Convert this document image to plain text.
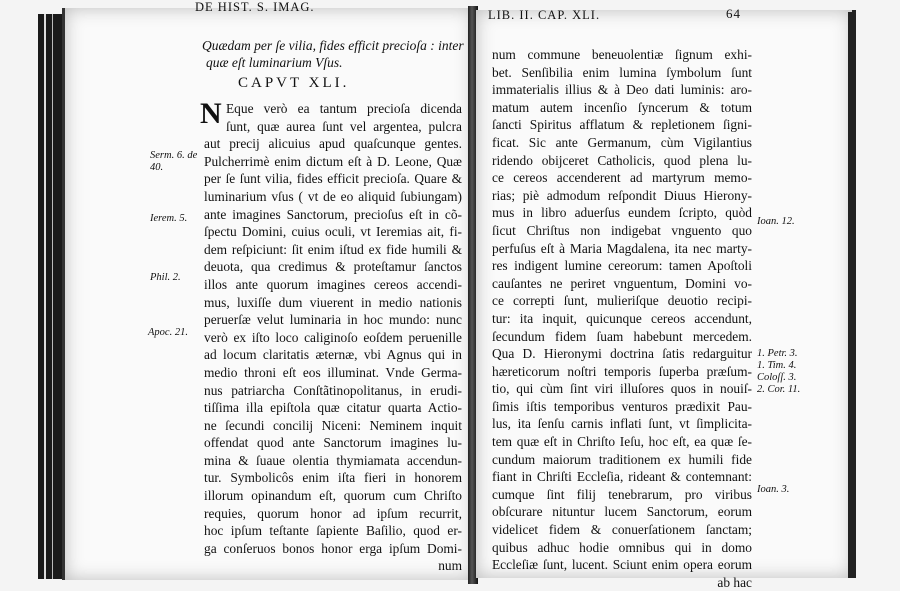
DE HIST. S. IMAG.
Quædam per ſe vilia, fides efficit precioſa : inter
quæ eſt luminarium Vſus.
CAPVT XLI.
N Eque verò ea tantum precioſa dicenda
ſunt, quæ aurea ſunt vel argentea, pulcra
aut precij alicuius apud quaſcunque gentes.
Pulcherrimè enim dictum eſt à D. Leone, Quæ
per ſe ſunt vilia, fides efficit precioſa. Quare &
luminarium vſus ( vt de eo aliquid ſubiungam)
ante imagines Sanctorum, precioſus eſt in cõ-
ſpectu Domini, cuius oculi, vt Ieremias ait, fi-
dem reſpiciunt: ſit enim iſtud ex fide humili &
deuota, qua credimus & proteſtamur ſanctos
illos ante quorum imagines cereos accendi-
mus, luxiſſe dum viuerent in medio nationis
peruerſæ velut luminaria in hoc mundo: nunc
verò ex iſto loco caliginoſo eoſdem peruenille
ad locum claritatis æternæ, vbi Agnus qui in
medio throni eſt eos illuminat. Vnde Germa-
nus patriarcha Conſtãtinopolitanus, in erudi-
tiſſima illa epiſtola quæ citatur quarta Actio-
ne ſecundi concilij Niceni: Neminem inquit
offendat quod ante Sanctorum imagines lu-
mina & ſuaue olentia thymiamata accendun-
tur. Symbolicôs enim iſta fieri in honorem
illorum opinandum eſt, quorum cum Chriſto
requies, quorum honor ad ipſum recurrit,
hoc ipſum teſtante ſapiente Baſilio, quod er-
ga conſeruos bonos honor erga ipſum Domi-
num
Serm. 6. de 40.
Ierem. 5.
Phil. 2.
Apoc. 21.
LIB. II. CAP. XLI.	64
num commune beneuolentiæ ſignum exhi-
bet. Senſibilia enim lumina ſymbolum ſunt
immaterialis illius & à Deo dati luminis: aro-
matum autem incenſio ſyncerum & totum
ſancti Spiritus afflatum & repletionem ſigni-
ficat. Sic ante Germanum, cùm Vigilantius
ridendo obijceret Catholicis, quod plena lu-
ce cereos accenderent ad martyrum memo-
rias; piè admodum reſpondit Diuus Hierony-
mus in libro aduerſus eundem ſcripto, quòd
ſicut Chriſtus non indigebat vnguento quo
perfuſus eſt à Maria Magdalena, ita nec marty-
res indigent lumine cereorum: tamen Apoſtoli
cauſantes ne periret vnguentum, Domini vo-
ce correpti ſunt, mulieriſque deuotio recipi-
tur: ita inquit, quicunque cereos accendunt,
ſecundum fidem ſuam habebunt mercedem.
Qua D. Hieronymi doctrina ſatis redarguitur
hæreticorum noſtri temporis ſuperba præſum-
tio, qui cùm ſint viri illuſores quos in nouiſ-
ſimis iſtis temporibus venturos prædixit Pau-
lus, ita ſenſu carnis inflati ſunt, vt ſimplicita-
tem quæ eſt in Chriſto Ieſu, hoc eſt, ea quæ ſe-
cundum maiorum traditionem ex humili fide
fiant in Chriſti Eccleſia, rideant & contemnant:
cumque ſint filij tenebrarum, pro viribus
obſcurare nituntur lucem Sanctorum, eorum
videlicet fidem & conuerſationem ſanctam;
quibus adhuc hodie omnibus qui in domo
Eccleſiæ ſunt, lucent. Sciunt enim opera eorum
ab hac
Ioan. 12.
1. Petr. 3.
1. Tim. 4.
Coloſſ. 3.
2. Cor. 11.
Ioan. 3.
